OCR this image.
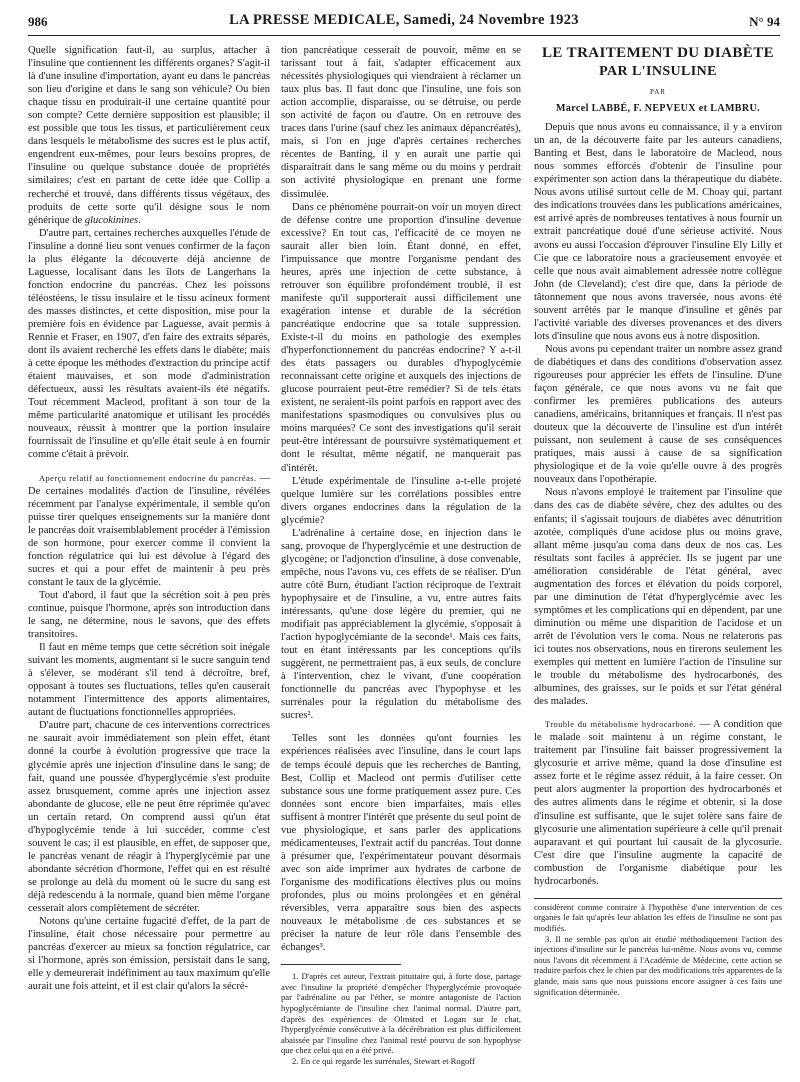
986	LA PRESSE MEDICALE, Samedi, 24 Novembre 1923	N° 94

Quelle signification faut-il, au surplus, attacher à l'insuline que contiennent les différents organes? S'agit-il là d'une insuline d'importation, ayant eu dans le pancréas son lieu d'origine et dans le sang son véhicule? Ou bien chaque tissu en produirait-il une certaine quantité pour son compte? Cette dernière supposition est plausible; il est possible que tous les tissus, et particulièrement ceux dans lesquels le métabolisme des sucres est le plus actif, engendrent eux-mêmes, pour leurs besoins propres, de l'insuline ou quelque substance douée de propriétés similaires; c'est en partant de cette idée que Collip a recherché et trouvé, dans différents tissus végétaux, des produits de cette sorte qu'il désigne sous le nom générique de glucokinines.

D'autre part, certaines recherches auxquelles l'étude de l'insuline a donné lieu sont venues confirmer de la façon la plus élégante la découverte déjà ancienne de Laguesse, localisant dans les îlots de Langerhans la fonction endocrine du pancréas. Chez les poissons téléostéens, le tissu insulaire et le tissu acineux forment des masses distinctes, et cette disposition, mise pour la première fois en évidence par Laguesse, avait permis à Rennie et Fraser, en 1907, d'en faire des extraits séparés, dont ils avaient recherché les effets dans le diabète; mais à cette époque les méthodes d'extraction du principe actif étaient mauvaises, et son mode d'administration défectueux, aussi les résultats avaient-ils été négatifs. Tout récemment Macleod, profitant à son tour de la même particularité anatomique et utilisant les procédés nouveaux, réussit à montrer que la portion insulaire fournissait de l'insuline et qu'elle était seule à en fournir comme c'était à prévoir.

Aperçu relatif au fonctionnement endocrine du pancréas. — De certaines modalités d'action de l'insuline, révélées récemment par l'analyse expérimentale, il semble qu'on puisse tirer quelques enseignements sur la manière dont le pancréas doit vraisemblablement procéder à l'émission de son hormone, pour exercer comme il convient la fonction régulatrice qui lui est dévolue à l'égard des sucres et qui a pour effet de maintenir à peu près constant le taux de la glycémie.

Tout d'abord, il faut que la sécrétion soit à peu près continue, puisque l'hormone, après son introduction dans le sang, ne détermine, nous le savons, que des effets transitoires.

Il faut en même temps que cette sécrétion soit inégale suivant les moments, augmentant si le sucre sanguin tend à s'élever, se modérant s'il tend à décroître, bref, opposant à toutes ses fluctuations, telles qu'en causerait notamment l'intermittence des apports alimentaires, autant de fluctuations fonctionnelles appropriées.

D'autre part, chacune de ces interventions correctrices ne saurait avoir immédiatement son plein effet, étant donné la courbe à évolution progressive que trace la glycémie après une injection d'insuline dans le sang; de fait, quand une poussée d'hyperglycémie s'est produite assez brusquement, comme après une injection assez abondante de glucose, elle ne peut être réprimée qu'avec un certain retard. On comprend aussi qu'un état d'hypoglycémie tende à lui succéder, comme c'est souvent le cas; il est plausible, en effet, de supposer que, le pancréas venant de réagir à l'hyperglycémie par une abondante sécrétion d'hormone, l'effet qui en est résulté se prolonge au delà du moment où le sucre du sang est déjà redescendu à la normale, quand bien même l'organe cesserait alors complètement de sécréter.

Notons qu'une certaine fugacité d'effet, de la part de l'insuline, était chose nécessaire pour permettre au pancréas d'exercer au mieux sa fonction régulatrice, car si l'hormone, après son émission, persistait dans le sang, elle y demeurerait indéfiniment au taux maximum qu'elle aurait une fois atteint, et il est clair qu'alors la sécré-

tion pancréatique cesserait de pouvoir, même en se tarissant tout à fait, s'adapter efficacement aux nécessités physiologiques qui viendraient à réclamer un taux plus bas. Il faut donc que l'insuline, une fois son action accomplie, disparaisse, ou se détruise, ou perde son activité de façon ou d'autre. On en retrouve des traces dans l'urine (sauf chez les animaux dépancréatés), mais, si l'on en juge d'après certaines recherches récentes de Banting, il y en aurait une partie qui disparaîtrait dans le sang même ou du moins y perdrait son activité physiologique en prenant une forme dissimulée.

Dans ce phénomène pourrait-on voir un moyen direct de défense contre une proportion d'insuline devenue excessive? En tout cas, l'efficacité de ce moyen ne saurait aller bien loin. Étant donné, en effet, l'impuissance que montre l'organisme pendant des heures, après une injection de cette substance, à retrouver son équilibre profondément troublé, il est manifeste qu'il supporterait aussi difficilement une exagération intense et durable de la sécrétion pancréatique endocrine que sa totale suppression. Existe-t-il du moins en pathologie des exemples d'hyperfonctionnement du pancréas endocrine? Y a-t-il des états passagers ou durables d'hypoglycémie reconnaissant cette origine et auxquels des injections de glucose pourraient peut-être remédier? Si de tels états existent, ne seraient-ils point parfois en rapport avec des manifestations spasmodiques ou convulsives plus ou moins marquées? Ce sont des investigations qu'il serait peut-être intéressant de poursuivre systématiquement et dont le résultat, même négatif, ne manquerait pas d'intérêt.

L'étude expérimentale de l'insuline a-t-elle projeté quelque lumière sur les corrélations possibles entre divers organes endocrines dans la régulation de la glycémie?

L'adrénaline à certaine dose, en injection dans le sang, provoque de l'hyperglycémie et une destruction de glycogène; or l'adjonction d'insuline, à dose convenable, empêche, nous l'avons vu, ces effets de se réaliser. D'un autre côté Burn, étudiant l'action réciproque de l'extrait hypophysaire et de l'insuline, a vu, entre autres faits intéressants, qu'une dose légère du premier, qui ne modifiait pas appréciablement la glycémie, s'opposait à l'action hypoglycémiante de la seconde¹. Mais ces faits, tout en étant intéressants par les conceptions qu'ils suggèrent, ne permettraient pas, à eux seuls, de conclure à l'intervention, chez le vivant, d'une coopération fonctionnelle du pancréas avec l'hypophyse et les surrénales pour la régulation du métabolisme des sucres².

Telles sont les données qu'ont fournies les expériences réalisées avec l'insuline, dans le court laps de temps écoulé depuis que les recherches de Banting, Best, Collip et Macleod ont permis d'utiliser cette substance sous une forme pratiquement assez pure. Ces données sont encore bien imparfaites, mais elles suffisent à montrer l'intérêt que présente du seul point de vue physiologique, et sans parler des applications médicamenteuses, l'extrait actif du pancréas. Tout donne à présumer que, l'expérimentateur pouvant désormais avec son aide imprimer aux hydrates de carbone de l'organisme des modifications électives plus ou moins profondes, plus ou moins prolongées et en général réversibles, verra apparaître sous bien des aspects nouveaux le métabolisme de ces substances et se préciser la nature de leur rôle dans l'ensemble des échanges³.

1. D'après cet auteur, l'extrait pituitaire qui, à forte dose, partage avec l'insuline la propriété d'empêcher l'hyperglycémie provoquée par l'adrénaline ou par l'éther, se montre antagoniste de l'action hypoglycémiante de l'insuline chez l'animal normal. D'autre part, d'après des expériences de Olmsted et Logan sur le chat, l'hyperglycémie consécutive à la décérébration est plus difficilement abaissée par l'insuline chez l'animal resté pourvu de son hypophyse que chez celui qui en a été privé.

2. En ce qui regarde les surrénales, Stewart et Rogoff

LE TRAITEMENT DU DIABÈTE
PAR L'INSULINE
PAR
Marcel LABBÉ, F. NEPVEUX et LAMBRU.

Depuis que nous avons eu connaissance, il y a environ un an, de la découverte faite par les auteurs canadiens, Banting et Best, dans le laboratoire de Macleod, nous nous sommes efforcés d'obtenir de l'insuline pour expérimenter son action dans la thérapeutique du diabète. Nous avons utilisé surtout celle de M. Choay qui, partant des indications trouvées dans les publications américaines, est arrivé après de nombreuses tentatives à nous fournir un extrait pancréatique doué d'une sérieuse activité. Nous avons eu aussi l'occasion d'éprouver l'insuline Ely Lilly et Cie que ce laboratoire nous a gracieusement envoyée et celle que nous avait aimablement adressée notre collègue John (de Cleveland); c'est dire que, dans la période de tâtonnement que nous avons traversée, nous avons été souvent arrêtés par le manque d'insuline et gênés par l'activité variable des diverses provenances et des divers lots d'insuline que nous avons eus à notre disposition.

Nous avons pu cependant traiter un nombre assez grand de diabétiques et dans des conditions d'observation assez rigoureuses pour apprécier les effets de l'insuline. D'une façon générale, ce que nous avons vu ne fait que confirmer les premières publications des auteurs canadiens, américains, britanniques et français. Il n'est pas douteux que la découverte de l'insuline est d'un intérêt puissant, non seulement à cause de ses conséquences pratiques, mais aussi à cause de sa signification physiologique et de la voie qu'elle ouvre à des progrès nouveaux dans l'opothérapie.

Nous n'avons employé le traitement par l'insuline que dans des cas de diabète sévère, chez des adultes ou des enfants; il s'agissait toujours de diabètes avec dénutrition azotée, compliqués d'une acidose plus ou moins grave, allant même jusqu'au coma dans deux de nos cas. Les résultats sont faciles à apprécier. Ils se jugent par une amélioration considérable de l'état général, avec augmentation des forces et élévation du poids corporel, par une diminution de l'état d'hyperglycémie avec les symptômes et les complications qui en dépendent, par une diminution ou même une disparition de l'acidose et un arrêt de l'évolution vers le coma. Nous ne relaterons pas ici toutes nos observations, nous en tirerons seulement les exemples qui mettent en lumière l'action de l'insuline sur le trouble du métabolisme des hydrocarbonés, des albumines, des graisses, sur le poids et sur l'état général des malades.

Trouble du métabolisme hydrocarboné. — A condition que le malade soit maintenu à un régime constant, le traitement par l'insuline fait baisser progressivement la glycosurie et arrive même, quand la dose d'insuline est assez forte et le régime assez réduit, à la faire cesser. On peut alors augmenter la proportion des hydrocarbonés et des autres aliments dans le régime et obtenir, si la dose d'insuline est suffisante, que le sujet tolère sans faire de glycosurie une alimentation supérieure à celle qu'il prenait auparavant et qui pourtant lui causait de la glycosurie. C'est dire que l'insuline augmente la capacité de combustion de l'organisme diabétique pour les hydrocarbonés.

considèrent comme contraire à l'hypothèse d'une intervention de ces organes le fait qu'après leur ablation les effets de l'insuline ne sont pas modifiés.

3. Il ne semble pas qu'on ait étudié méthodiquement l'action des injections d'insuline sur le pancréas lui-même. Nous avons vu, comme nous l'avons dit récemment à l'Académie de Médecine, cette action se traduire parfois chez le chien par des modifications très apparentes de la glande, mais sans que nous puissions encore assigner à ces faits une signification déterminée.
